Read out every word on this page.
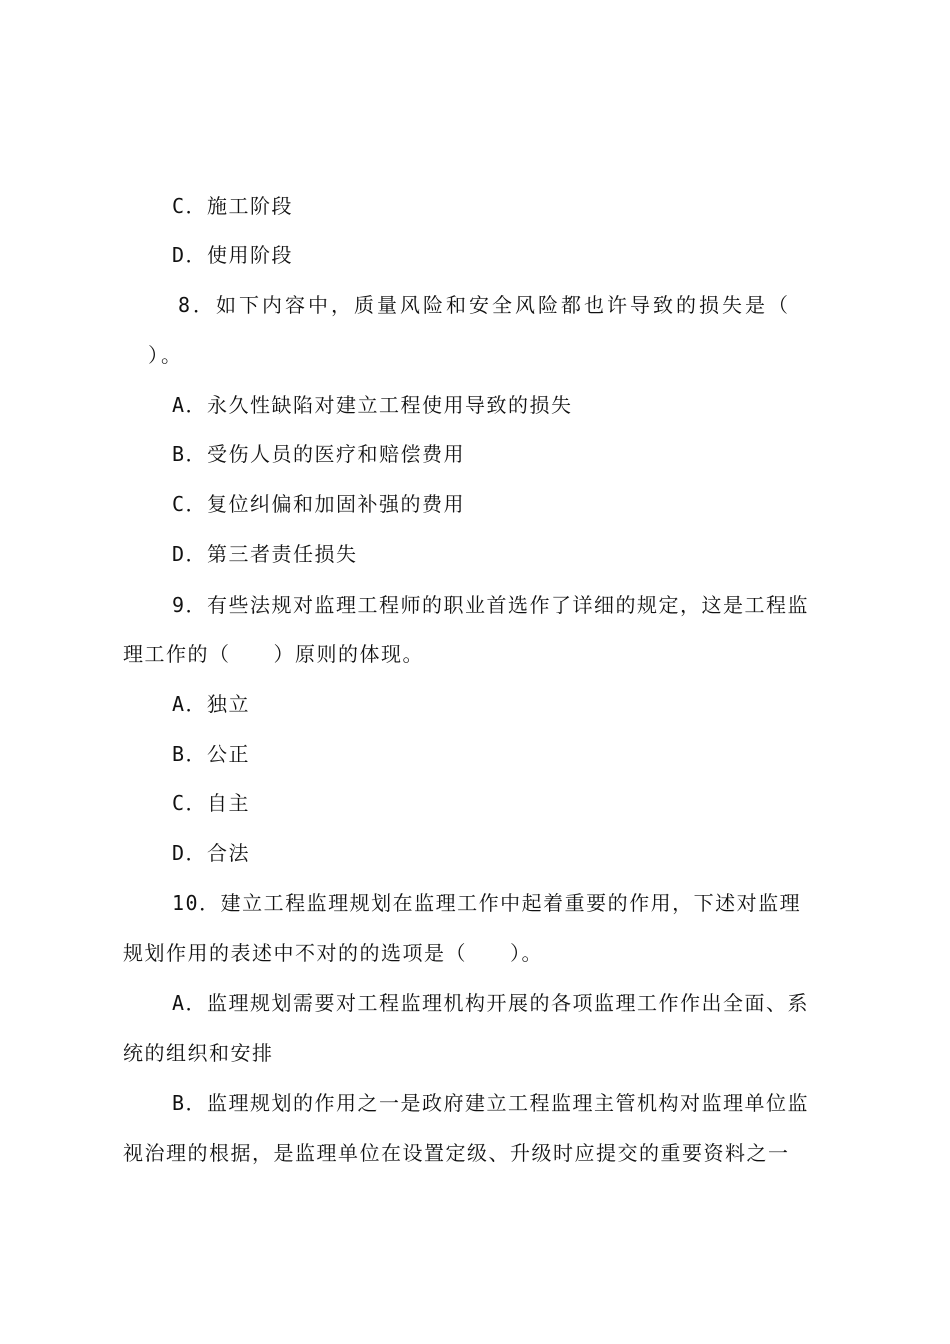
C．施工阶段
D．使用阶段
8．如下内容中，质量风险和安全风险都也许导致的损失是（
）。
A．永久性缺陷对建立工程使用导致的损失
B．受伤人员的医疗和赔偿费用
C．复位纠偏和加固补强的费用
D．第三者责任损失
9．有些法规对监理工程师的职业首选作了详细的规定，这是工程监
理工作的（　　）原则的体现。
A．独立
B．公正
C．自主
D．合法
10．建立工程监理规划在监理工作中起着重要的作用，下述对监理
规划作用的表述中不对的的选项是（　　）。
A．监理规划需要对工程监理机构开展的各项监理工作作出全面、系
统的组织和安排
B．监理规划的作用之一是政府建立工程监理主管机构对监理单位监
视治理的根据，是监理单位在设置定级、升级时应提交的重要资料之一
